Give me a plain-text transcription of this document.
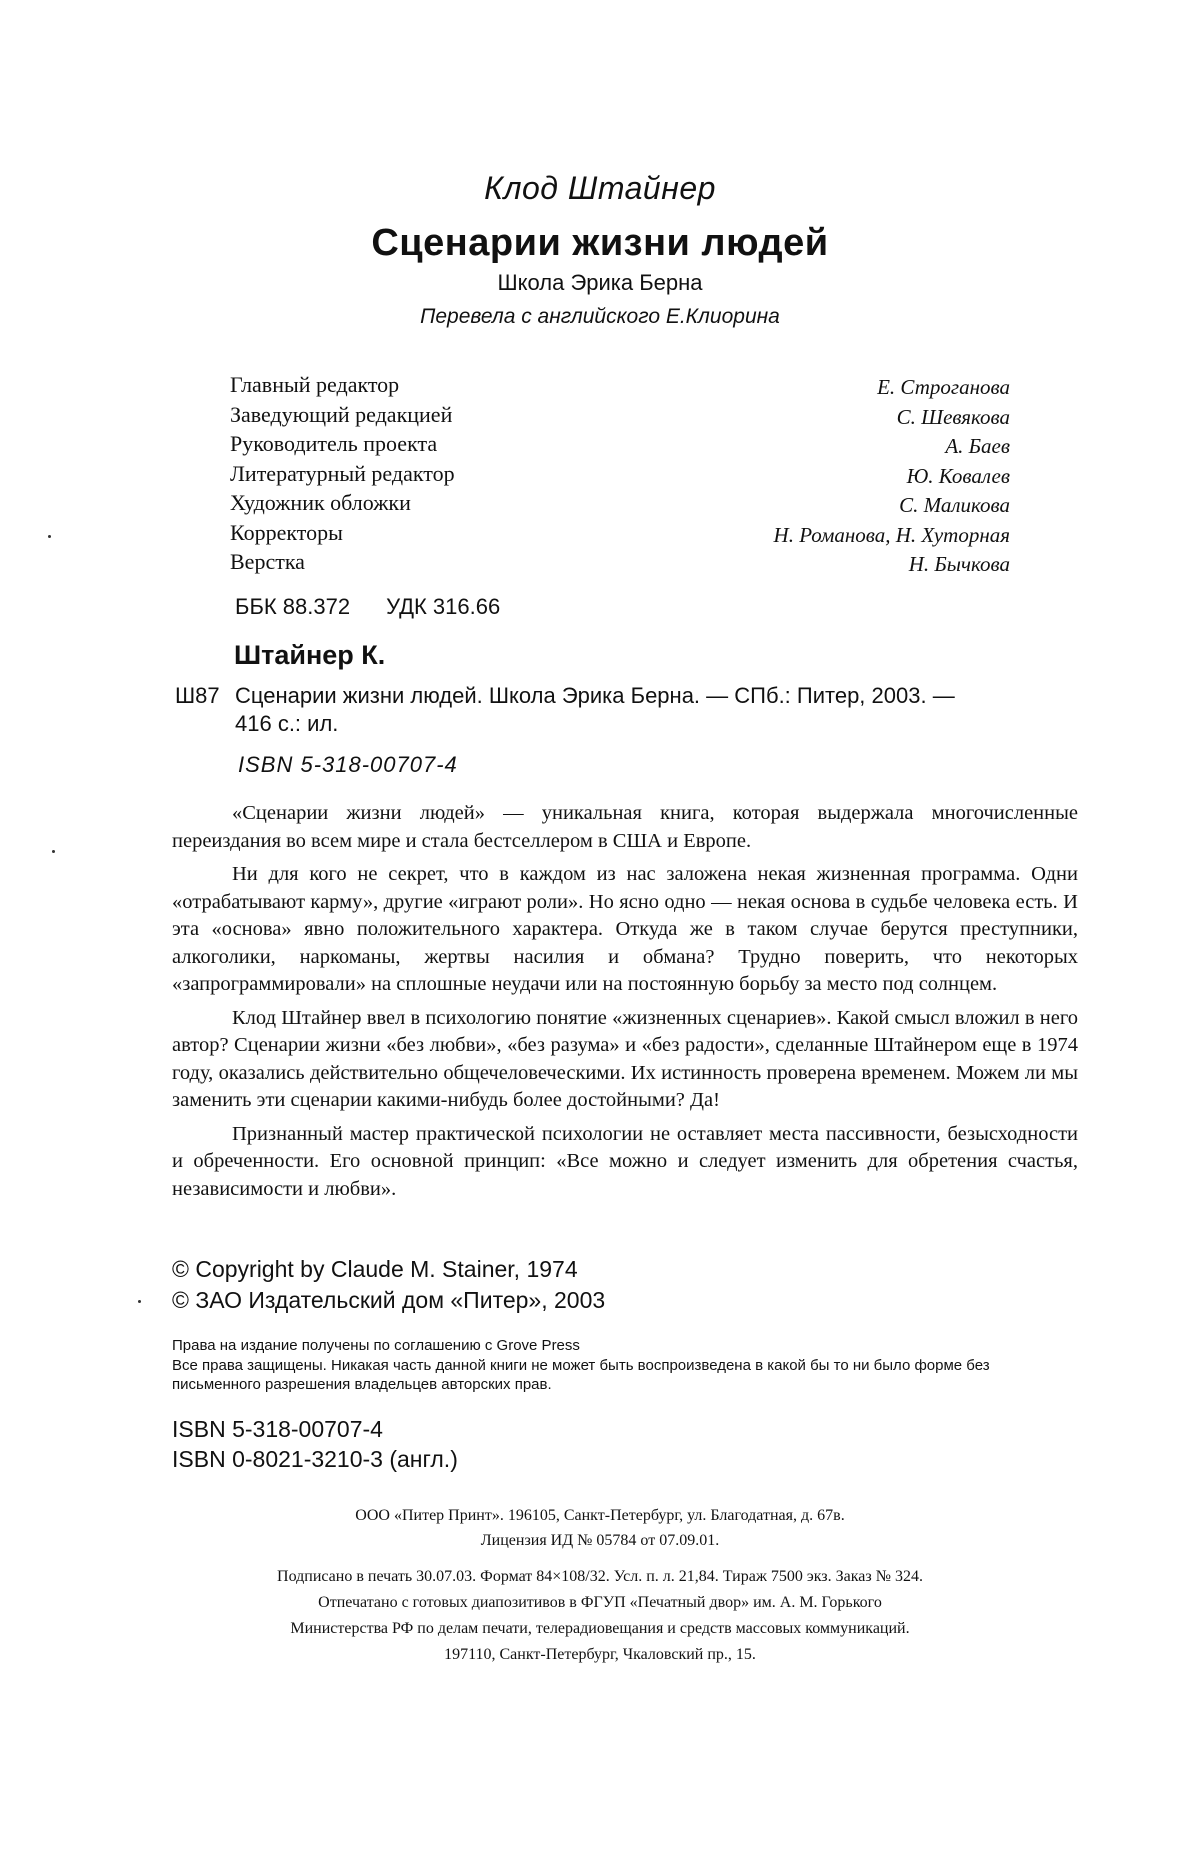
Клод Штайнер
Сценарии жизни людей
Школа Эрика Берна
Перевела с английского Е.Клиорина
Главный редактор
Заведующий редакцией
Руководитель проекта
Литературный редактор
Художник обложки
Корректоры
Верстка
Е. Строганова
С. Шевякова
А. Баев
Ю. Ковалев
С. Маликова
Н. Романова, Н. Хуторная
Н. Бычкова
ББК 88.372 УДК 316.66
Штайнер К.
Ш87 Сценарии жизни людей. Школа Эрика Берна. — СПб.: Питер, 2003. —
416 с.: ил.
ISBN 5-318-00707-4

«Сценарии жизни людей» — уникальная книга, которая выдержала многочисленные переиздания во всем мире и стала бестселлером в США и Европе.

Ни для кого не секрет, что в каждом из нас заложена некая жизненная программа. Одни «отрабатывают карму», другие «играют роли». Но ясно одно — некая основа в судьбе человека есть. И эта «основа» явно положительного характера. Откуда же в таком случае берутся преступники, алкоголики, наркоманы, жертвы насилия и обмана? Трудно поверить, что некоторых «запрограммировали» на сплошные неудачи или на постоянную борьбу за место под солнцем.

Клод Штайнер ввел в психологию понятие «жизненных сценариев». Какой смысл вложил в него автор? Сценарии жизни «без любви», «без разума» и «без радости», сделанные Штайнером еще в 1974 году, оказались действительно общечеловеческими. Их истинность проверена временем. Можем ли мы заменить эти сценарии какими-нибудь более достойными? Да!

Признанный мастер практической психологии не оставляет места пассивности, безысходности и обреченности. Его основной принцип: «Все можно и следует изменить для обретения счастья, независимости и любви».

© Copyright by Claude M. Stainer, 1974
© ЗАО Издательский дом «Питер», 2003
Права на издание получены по соглашению с Grove Press
Все права защищены. Никакая часть данной книги не может быть воспроизведена в какой бы то ни было форме без письменного разрешения владельцев авторских прав.
ISBN 5-318-00707-4
ISBN 0-8021-3210-3 (англ.)
ООО «Питер Принт». 196105, Санкт-Петербург, ул. Благодатная, д. 67в.
Лицензия ИД № 05784 от 07.09.01.
Подписано в печать 30.07.03. Формат 84×108/32. Усл. п. л. 21,84. Тираж 7500 экз. Заказ № 324.
Отпечатано с готовых диапозитивов в ФГУП «Печатный двор» им. А. М. Горького
Министерства РФ по делам печати, телерадиовещания и средств массовых коммуникаций.
197110, Санкт-Петербург, Чкаловский пр., 15.
